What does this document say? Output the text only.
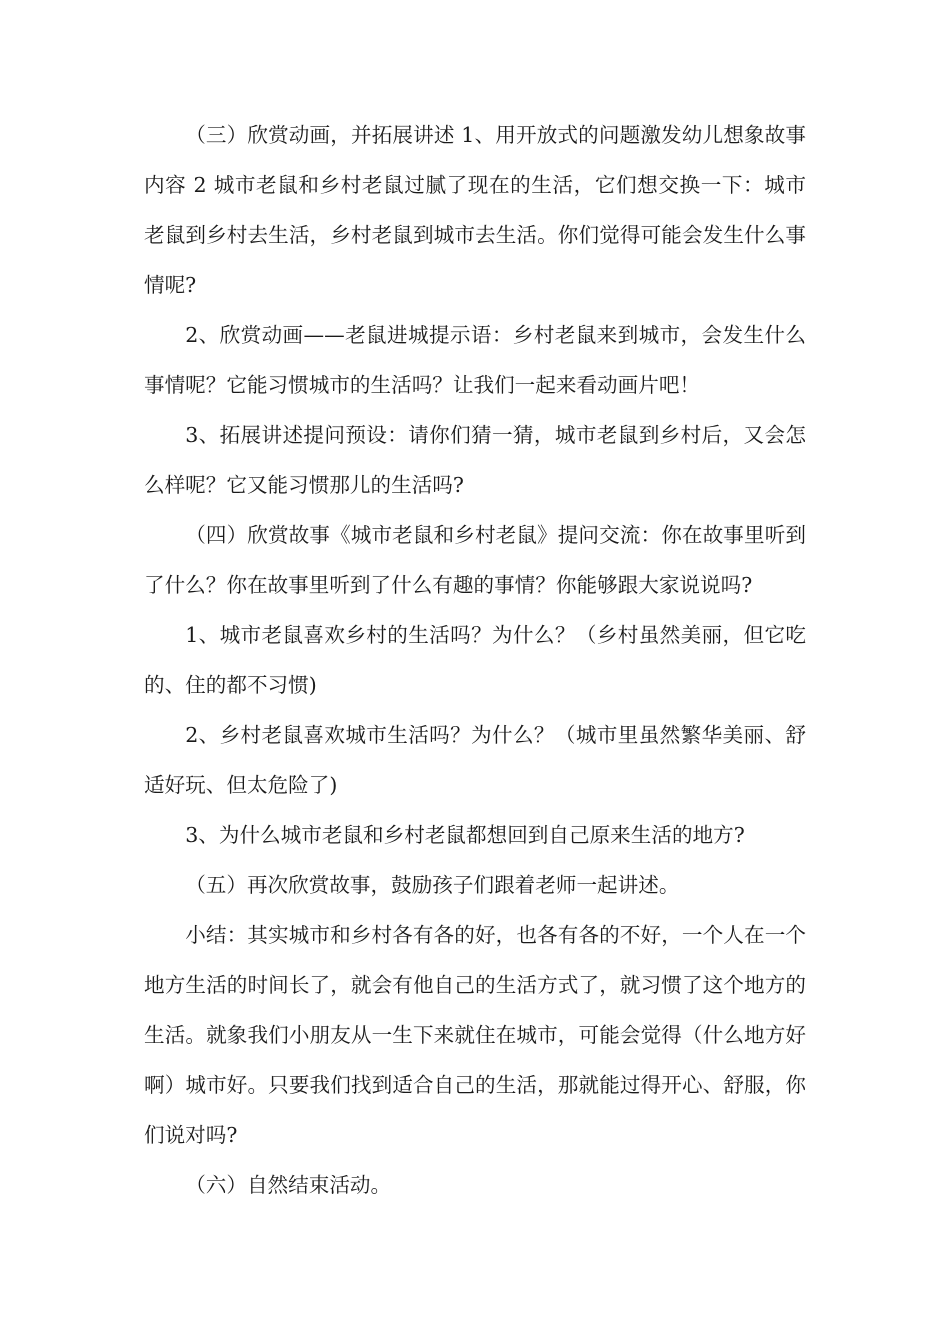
（三）欣赏动画，并拓展讲述 1、用开放式的问题激发幼儿想象故事内容 2 城市老鼠和乡村老鼠过腻了现在的生活，它们想交换一下：城市老鼠到乡村去生活，乡村老鼠到城市去生活。你们觉得可能会发生什么事情呢?

2、欣赏动画——老鼠进城提示语：乡村老鼠来到城市，会发生什么事情呢？它能习惯城市的生活吗？让我们一起来看动画片吧！

3、拓展讲述提问预设：请你们猜一猜，城市老鼠到乡村后，又会怎么样呢？它又能习惯那儿的生活吗?

（四）欣赏故事《城市老鼠和乡村老鼠》提问交流：你在故事里听到了什么？你在故事里听到了什么有趣的事情？你能够跟大家说说吗?

1、城市老鼠喜欢乡村的生活吗？为什么？（乡村虽然美丽，但它吃的、住的都不习惯)

2、乡村老鼠喜欢城市生活吗？为什么？（城市里虽然繁华美丽、舒适好玩、但太危险了)

3、为什么城市老鼠和乡村老鼠都想回到自己原来生活的地方?

（五）再次欣赏故事，鼓励孩子们跟着老师一起讲述。

小结：其实城市和乡村各有各的好，也各有各的不好，一个人在一个地方生活的时间长了，就会有他自己的生活方式了，就习惯了这个地方的生活。就象我们小朋友从一生下来就住在城市，可能会觉得（什么地方好啊）城市好。只要我们找到适合自己的生活，那就能过得开心、舒服，你们说对吗?

（六）自然结束活动。
